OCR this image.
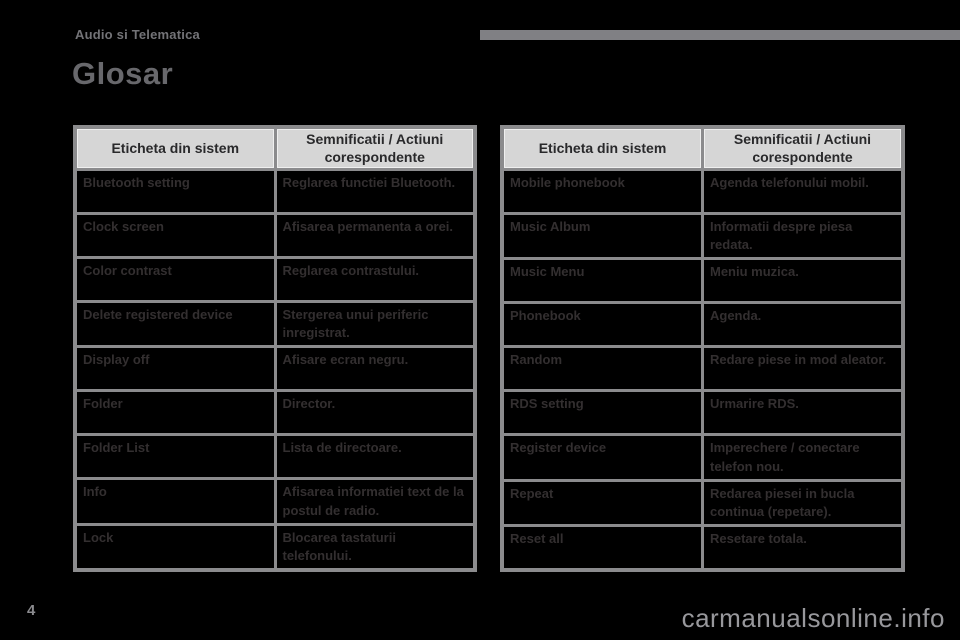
Audio si Telematica
Glosar
Eticheta din sistem	Semnificatii / Actiuni
corespondente

Bluetooth setting	Reglarea functiei Bluetooth.
Clock screen	Afisarea permanenta a orei.
Color contrast	Reglarea contrastului.
Delete registered device	Stergerea unui periferic inregistrat.
Display off	Afisare ecran negru.
Folder	Director.
Folder List	Lista de directoare.
Info	Afisarea informatiei text de la postul de radio.
Lock	Blocarea tastaturii telefonului.
Eticheta din sistem	Semnificatii / Actiuni
corespondente

Mobile phonebook	Agenda telefonului mobil.
Music Album	Informatii despre piesa redata.
Music Menu	Meniu muzica.
Phonebook	Agenda.
Random	Redare piese in mod aleator.
RDS setting	Urmarire RDS.
Register device	Imperechere / conectare telefon nou.
Repeat	Redarea piesei in bucla continua (repetare).
Reset all	Resetare totala.
4	carmanualsonline.info
